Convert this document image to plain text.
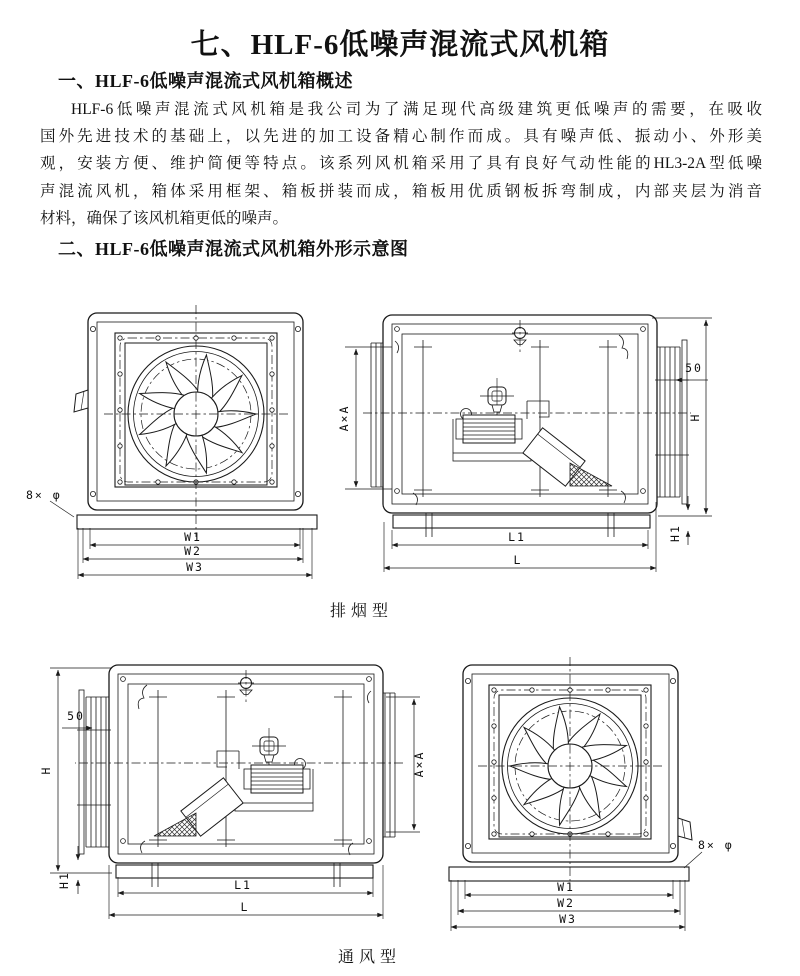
七、HLF-6低噪声混流式风机箱
一、HLF-6低噪声混流式风机箱概述
HLF-6低噪声混流式风机箱是我公司为了满足现代高级建筑更低噪声的需要，在吸收
国外先进技术的基础上，以先进的加工设备精心制作而成。具有噪声低、振动小、外形美
观，安装方便、维护简便等特点。该系列风机箱采用了具有良好气动性能的HL3-2A型低噪
声混流风机，箱体采用框架、箱板拼装而成，箱板用优质钢板拆弯制成，内部夹层为消音
材料，确保了该风机箱更低的噪声。
二、HLF-6低噪声混流式风机箱外形示意图
排烟型
通风型
W1
W2
W3
8× φ
A×A
50
H
H1
L1
L
50
H
H1
A×A
L1
L
W1
W2
W3
8× φ
